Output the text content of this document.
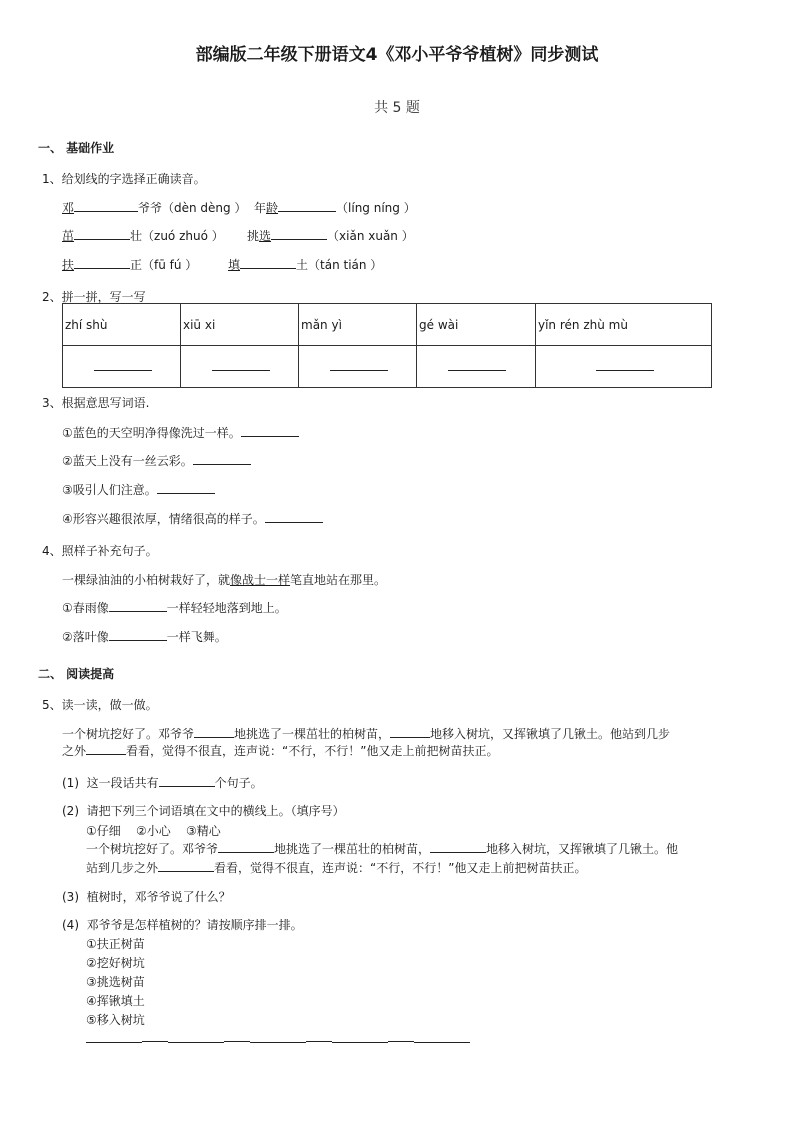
部编版二年级下册语文4《邓小平爷爷植树》同步测试
共 5 题
一、 基础作业
1、给划线的字选择正确读音。
邓	爷爷（dèn dèng ） 年龄	（líng níng ）
茁	壮（zuó zhuó ） 挑选	（xiǎn xuǎn ）
扶	正（fū fú ）	填	土（tán tián ）
2、拼一拼，写一写
zhí shù	xiū xi	mǎn yì	gé wài	yǐn rén zhù mù

3、根据意思写词语.
①蓝色的天空明净得像洗过一样。
②蓝天上没有一丝云彩。
③吸引人们注意。
④形容兴趣很浓厚，情绪很高的样子。
4、照样子补充句子。
一棵绿油油的小柏树栽好了，就像战士一样笔直地站在那里。
①春雨像	一样轻轻地落到地上。
②落叶像	一样飞舞。
二、 阅读提高
5、读一读，做一做。
一个树坑挖好了。邓爷爷	地挑选了一棵茁壮的柏树苗，	地移入树坑，又挥锹填了几锹土。他站到几步
之外	看看，觉得不很直，连声说：“不行，不行！”他又走上前把树苗扶正。
(1) 这一段话共有	个句子。
(2) 请把下列三个词语填在文中的横线上。（填序号）
①仔细    ②小心    ③精心
一个树坑挖好了。邓爷爷	地挑选了一棵茁壮的柏树苗，	地移入树坑，又挥锹填了几锹土。他
站到几步之外	看看，觉得不很直，连声说：“不行，不行！”他又走上前把树苗扶正。
(3) 植树时，邓爷爷说了什么？
(4) 邓爷爷是怎样植树的？请按顺序排一排。
①扶正树苗
②挖好树坑
③挑选树苗
④挥锹填土
⑤移入树坑
